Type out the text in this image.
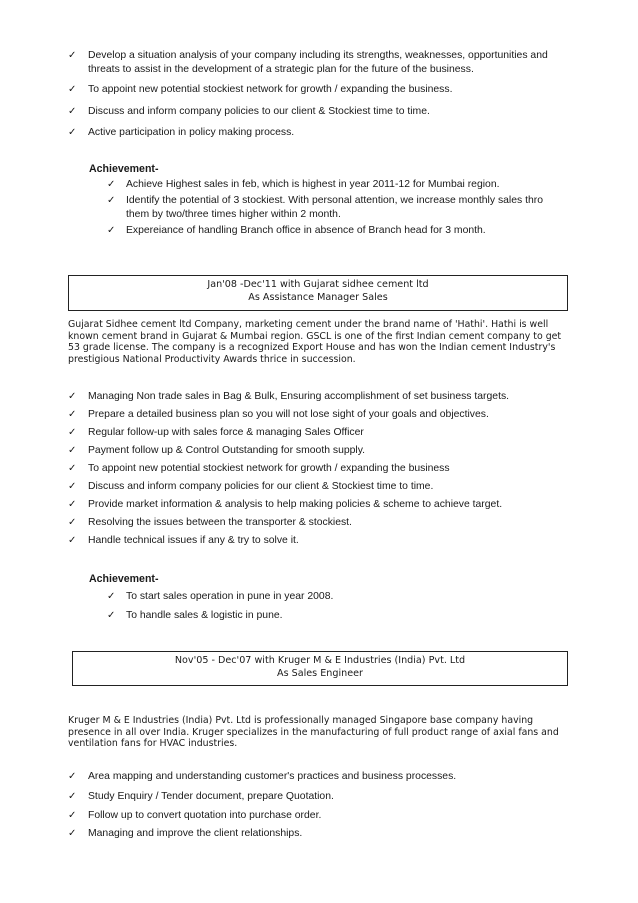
✓	Develop a situation analysis of your company including its strengths, weaknesses, opportunities and threats to assist in the development of a strategic plan for the future of the business.
✓	To appoint new potential stockiest network for growth / expanding the business.
✓	Discuss and inform company policies to our client & Stockiest time to time.
✓	Active participation in policy making process.
Achievement-
✓	Achieve Highest sales in feb, which is highest in year 2011-12 for Mumbai region.
✓	Identify the potential of 3 stockiest. With personal attention, we increase monthly sales thro them by two/three times higher within 2 month.
✓	Expereiance of handling Branch office in absence of Branch head for 3 month.
Jan'08 -Dec'11 with Gujarat sidhee cement ltd
As Assistance Manager Sales

Gujarat Sidhee cement ltd Company, marketing cement under the brand name of 'Hathi'. Hathi is well known cement brand in Gujarat & Mumbai region. GSCL is one of the first Indian cement company to get 53 grade license. The company is a recognized Export House and has won the Indian cement Industry's prestigious National Productivity Awards thrice in succession.

✓	Managing Non trade sales in Bag & Bulk, Ensuring accomplishment of set business targets.
✓	Prepare a detailed business plan so you will not lose sight of your goals and objectives.
✓	Regular follow-up with sales force & managing Sales Officer
✓	Payment follow up & Control Outstanding for smooth supply.
✓	To appoint new potential stockiest network for growth / expanding the business
✓	Discuss and inform company policies for our client & Stockiest time to time.
✓	Provide market information & analysis to help making policies & scheme to achieve target.
✓	Resolving the issues between the transporter & stockiest.
✓	Handle technical issues if any & try to solve it.
Achievement-
✓	To start sales operation in pune in year 2008.
✓	To handle sales & logistic in pune.
Nov'05 - Dec'07 with Kruger M & E Industries (India) Pvt. Ltd
As Sales Engineer

Kruger M & E Industries (India) Pvt. Ltd is professionally managed Singapore base company having presence in all over India. Kruger specializes in the manufacturing of full product range of axial fans and ventilation fans for HVAC industries.

✓	Area mapping and understanding customer's practices and business processes.
✓	Study Enquiry / Tender document, prepare Quotation.
✓	Follow up to convert quotation into purchase order.
✓	Managing and improve the client relationships.
